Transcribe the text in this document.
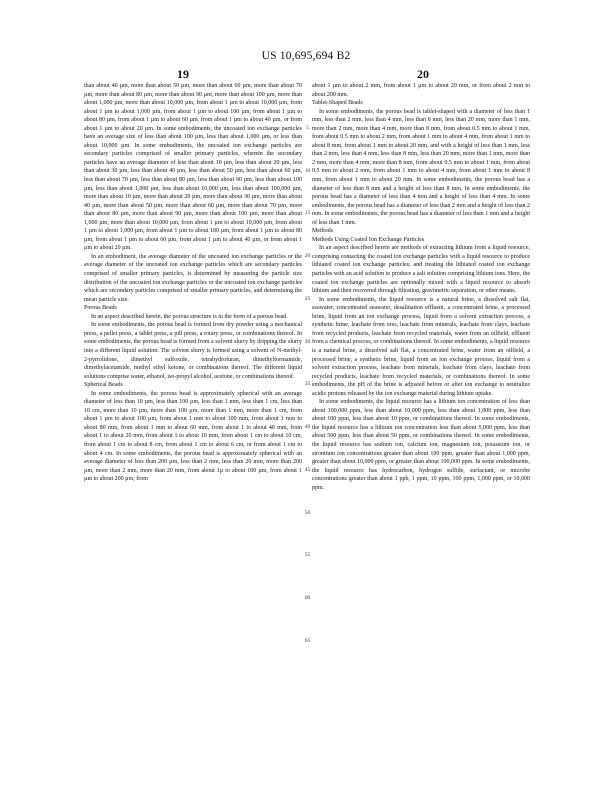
US 10,695,694 B2
19	20

than about 40 µm, more than about 50 µm, more than about 60 µm, more than about 70 µm, more than about 80 µm, more than about 90 µm, more than about 100 µm, more than about 1,000 µm, more than about 10,000 µm, from about 1 µm to about 10,000 µm, from about 1 µm to about 1,000 µm, from about 1 µm to about 100 µm, from about 1 µm to about 80 µm, from about 1 µm to about 60 µm, from about 1 µm to about 40 µm, or from about 1 µm to about 20 µm. In some embodiments, the uncoated ion exchange particles have an average size of less than about 100 µm, less than about 1,000 µm, or less than about 10,000 µm. In some embodiments, the uncoated ion exchange particles are secondary particles comprised of smaller primary particles, wherein the secondary particles have an average diameter of less than about 10 µm, less than about 20 µm, less than about 30 µm, less than about 40 µm, less than about 50 µm, less than about 60 µm, less than about 70 µm, less than about 80 µm, less than about 90 µm, less than about 100 µm, less than about 1,000 µm, less than about 10,000 µm, less than about 100,000 µm, more than about 10 µm, more than about 20 µm, more than about 30 µm, more than about 40 µm, more than about 50 µm, more than about 60 µm, more than about 70 µm, more than about 80 µm, more than about 90 µm, more than about 100 µm, more than about 1,000 µm, more than about 10,000 µm, from about 1 µm to about 10,000 µm, from about 1 µm to about 1,000 µm, from about 1 µm to about 100 µm, from about 1 µm to about 80 µm, from about 1 µm to about 60 µm, from about 1 µm to about 40 µm, or from about 1 µm to about 20 µm.

In an embodiment, the average diameter of the uncoated ion exchange particles or the average diameter of the uncoated ion exchange particles which are secondary particles comprised of smaller primary particles, is determined by measuring the particle size distribution of the uncoated ion exchange particles or the uncoated ion exchange particles which are secondary particles comprised of smaller primary particles, and determining the mean particle size.

Porous Beads

In an aspect described herein, the porous structure is in the form of a porous bead.

In some embodiments, the porous bead is formed from dry powder using a mechanical press, a pellet press, a tablet press, a pill press, a rotary press, or combinations thereof. In some embodiments, the porous bead is formed from a solvent slurry by dripping the slurry into a different liquid solution. The solvent slurry is formed using a solvent of N-methyl-2-pyrrolidone, dimethyl sulfoxide, tetrahydrofuran, dimethylformamide, dimethylacetamide, methyl ethyl ketone, or combinations thereof. The different liquid solutions comprise water, ethanol, iso-propyl alcohol, acetone, or combinations thereof.

Spherical Beads

In some embodiments, the porous bead is approximately spherical with an average diameter of less than 10 µm, less than 100 µm, less than 1 mm, less than 1 cm, less than 10 cm, more than 10 µm, more than 100 µm, more than 1 mm, more than 1 cm, from about 1 µm to about 100 µm, from about 1 mm to about 100 mm, from about 1 mm to about 80 mm, from about 1 mm to about 60 mm, from about 1 to about 40 mm, from about 1 to about 20 mm, from about 1 to about 10 mm, from about 1 cm to about 10 cm, from about 1 cm to about 8 cm, from about 1 cm to about 6 cm, or from about 1 cm to about 4 cm. In some embodiments, the porous bead is approximately spherical with an average diameter of less than 200 µm, less than 2 mm, less than 20 mm, more than 200 µm, more than 2 mm, more than 20 mm, from about 1µ to about 100 µm, from about 1 µm to about 200 µm, from

5
10
15
20
25
30
35
40
45
50
55
60
65

about 1 µm to about 2 mm, from about 1 µm to about 20 mm, or from about 2 mm to about 200 mm.

Tablet-Shaped Beads

In some embodiments, the porous bead is tablet-shaped with a diameter of less than 1 mm, less than 2 mm, less than 4 mm, less than 8 mm, less than 20 mm, more than 1 mm, more than 2 mm, more than 4 mm, more than 8 mm, from about 0.5 mm to about 1 mm, from about 0.5 mm to about 2 mm, from about 1 mm to about 4 mm, from about 1 mm to about 8 mm, from about 1 mm to about 20 mm, and with a height of less than 1 mm, less than 2 mm, less than 4 mm, less than 8 mm, less than 20 mm, more than 1 mm, more than 2 mm, more than 4 mm, more than 8 mm, from about 0.5 mm to about 1 mm, from about 0.5 mm to about 2 mm, from about 1 mm to about 4 mm, from about 1 mm to about 8 mm, from about 1 mm to about 20 mm. In some embodiments, the porous bead has a diameter of less than 8 mm and a height of less than 8 mm. In some embodiments, the porous bead has a diameter of less than 4 mm and a height of less than 4 mm. In some embodiments, the porous bead has a diameter of less than 2 mm and a height of less than 2 mm. In some embodiments, the porous bead has a diameter of less than 1 mm and a height of less than 1 mm.

Methods

Methods Using Coated Ion Exchange Particles

In an aspect described herein are methods of extracting lithium from a liquid resource, comprising contacting the coated ion exchange particles with a liquid resource to produce lithiated coated ion exchange particles; and treating the lithiated coated ion exchange particles with an acid solution to produce a salt solution comprising lithium ions. Here, the coated ion exchange particles are optionally mixed with a liquid resource to absorb lithium and then recovered through filtration, gravimetric separation, or other means.

In some embodiments, the liquid resource is a natural brine, a dissolved salt flat, seawater, concentrated seawater, desalination effluent, a concentrated brine, a processed brine, liquid from an ion exchange process, liquid from a solvent extraction process, a synthetic brine, leachate from ores, leachate from minerals, leachate from clays, leachate from recycled products, leachate from recycled materials, water from an oilfield, effluent from a chemical process, or combinations thereof. In some embodiments, a liquid resource is a natural brine, a dissolved salt flat, a concentrated brine, water from an oilfield, a processed brine, a synthetic brine, liquid from an ion exchange process, liquid from a solvent extraction process, leachate from minerals, leachate from clays, leachate from recycled products, leachate from recycled materials, or combinations thereof. In some embodiments, the pH of the brine is adjusted before or after ion exchange to neutralize acidic protons released by the ion exchange material during lithium uptake.

In some embodiments, the liquid resource has a lithium ion concentration of less than about 100,000 ppm, less than about 10,000 ppm, less than about 1,000 ppm, less than about 100 ppm, less than about 10 ppm, or combinations thereof. In some embodiments, the liquid resource has a lithium ion concentration less than about 5,000 ppm, less than about 500 ppm, less than about 50 ppm, or combinations thereof. In some embodiments, the liquid resource has sodium ion, calcium ion, magnesium ion, potassium ion, or strontium ion concentrations greater than about 100 ppm, greater than about 1,000 ppm, greater than about 10,000 ppm, or greater than about 100,000 ppm. In some embodiments, the liquid resource has hydrocarbon, hydrogen sulfide, surfactant, or microbe concentrations greater than about 1 ppb, 1 ppm, 10 ppm, 100 ppm, 1,000 ppm, or 10,000 ppm.
